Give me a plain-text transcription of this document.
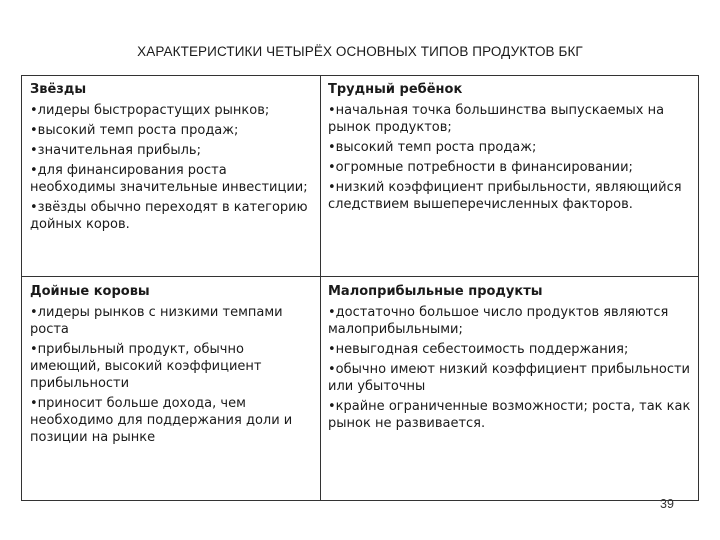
ХАРАКТЕРИСТИКИ ЧЕТЫРЁХ ОСНОВНЫХ ТИПОВ ПРОДУКТОВ БКГ
Звёзды
•лидеры быстрорастущих рынков;
•высокий темп роста продаж;
•значительная прибыль;
•для финансирования роста необходимы значительные инвестиции;
•звёзды обычно переходят в категорию дойных коров.
Трудный ребёнок
•начальная точка большинства выпускаемых на рынок продуктов;
•высокий темп роста продаж;
•огромные потребности в финансировании;
•низкий коэффициент прибыльности, являющийся следствием вышеперечисленных факторов.
Дойные коровы
•лидеры рынков с низкими темпами роста
•прибыльный продукт, обычно имеющий, высокий коэффициент прибыльности
•приносит больше дохода, чем необходимо для поддержания доли и позиции на рынке
Малоприбыльные продукты
•достаточно большое число продуктов являются малоприбыльными;
•невыгодная себестоимость поддержания;
•обычно имеют низкий коэффициент прибыльности или убыточны
•крайне ограниченные возможности; роста, так как рынок не развивается.
39
